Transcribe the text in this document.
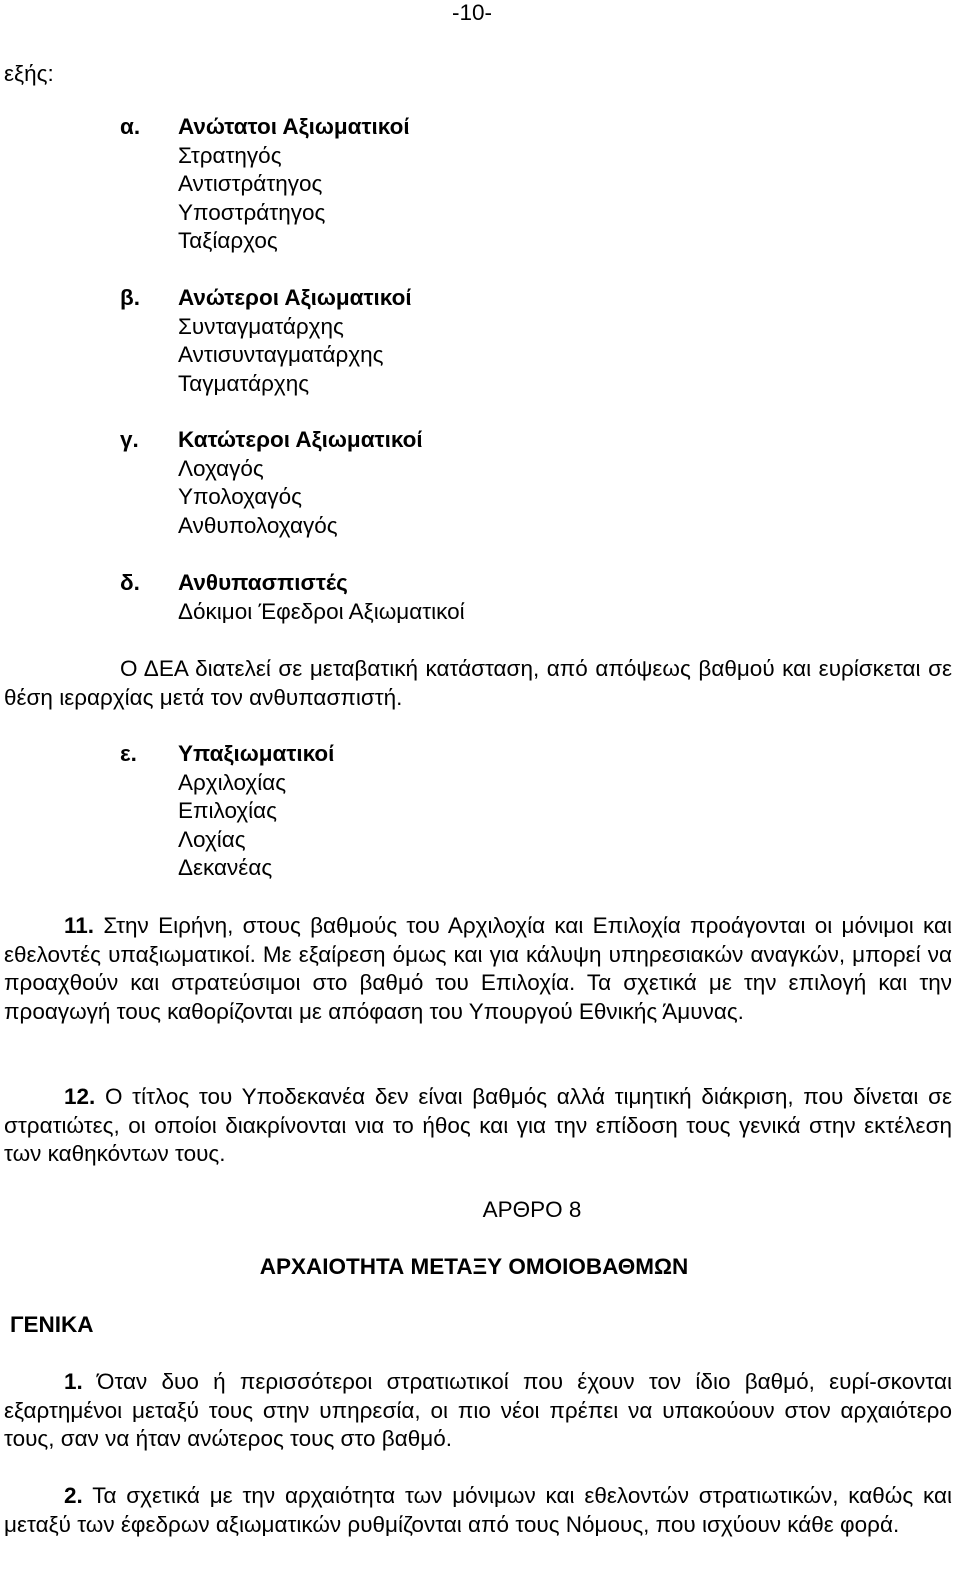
-10-
εξής:
α.	Ανώτατοι Αξιωματικοί
Στρατηγός
Αντιστράτηγος
Υποστράτηγος
Ταξίαρχος
β.	Ανώτεροι Αξιωματικοί
Συνταγματάρχης
Αντισυνταγματάρχης
Ταγματάρχης
γ.	Κατώτεροι Αξιωματικοί
Λοχαγός
Υπολοχαγός
Ανθυπολοχαγός
δ.	Ανθυπασπιστές
Δόκιμοι Έφεδροι Αξιωματικοί

Ο ΔΕΑ διατελεί σε μεταβατική κατάσταση, από απόψεως βαθμού και ευρίσκεται σε θέση ιεραρχίας μετά τον ανθυπασπιστή.

ε.	Υπαξιωματικοί
Αρχιλοχίας
Επιλοχίας
Λοχίας
Δεκανέας

11. Στην Ειρήνη, στους βαθμούς του Αρχιλοχία και Επιλοχία προάγονται οι μόνιμοι και εθελοντές υπαξιωματικοί. Με εξαίρεση όμως και για κάλυψη υπηρεσιακών αναγκών, μπορεί να προαχθούν και στρατεύσιμοι στο βαθμό του Επιλοχία. Τα σχετικά με την επιλογή και την προαγωγή τους καθορίζονται με απόφαση του Υπουργού Εθνικής Άμυνας.

12. Ο τίτλος του Υποδεκανέα δεν είναι βαθμός αλλά τιμητική διάκριση, που δίνεται σε στρατιώτες, οι οποίοι διακρίνονται νια το ήθος και για την επίδοση τους γενικά στην εκτέλεση των καθηκόντων τους.

ΑΡΘΡΟ 8
ΑΡΧΑΙΟΤΗΤΑ ΜΕΤΑΞΥ ΟΜΟΙΟΒΑΘΜΩΝ
ΓΕΝΙΚΑ

1. Όταν δυο ή περισσότεροι στρατιωτικοί που έχουν τον ίδιο βαθμό, ευρί-σκονται εξαρτημένοι μεταξύ τους στην υπηρεσία, οι πιο νέοι πρέπει να υπακούουν στον αρχαιότερο τους, σαν να ήταν ανώτερος τους στο βαθμό.

2. Τα σχετικά με την αρχαιότητα των μόνιμων και εθελοντών στρατιωτικών, καθώς και μεταξύ των έφεδρων αξιωματικών ρυθμίζονται από τους Νόμους, που ισχύουν κάθε φορά.
